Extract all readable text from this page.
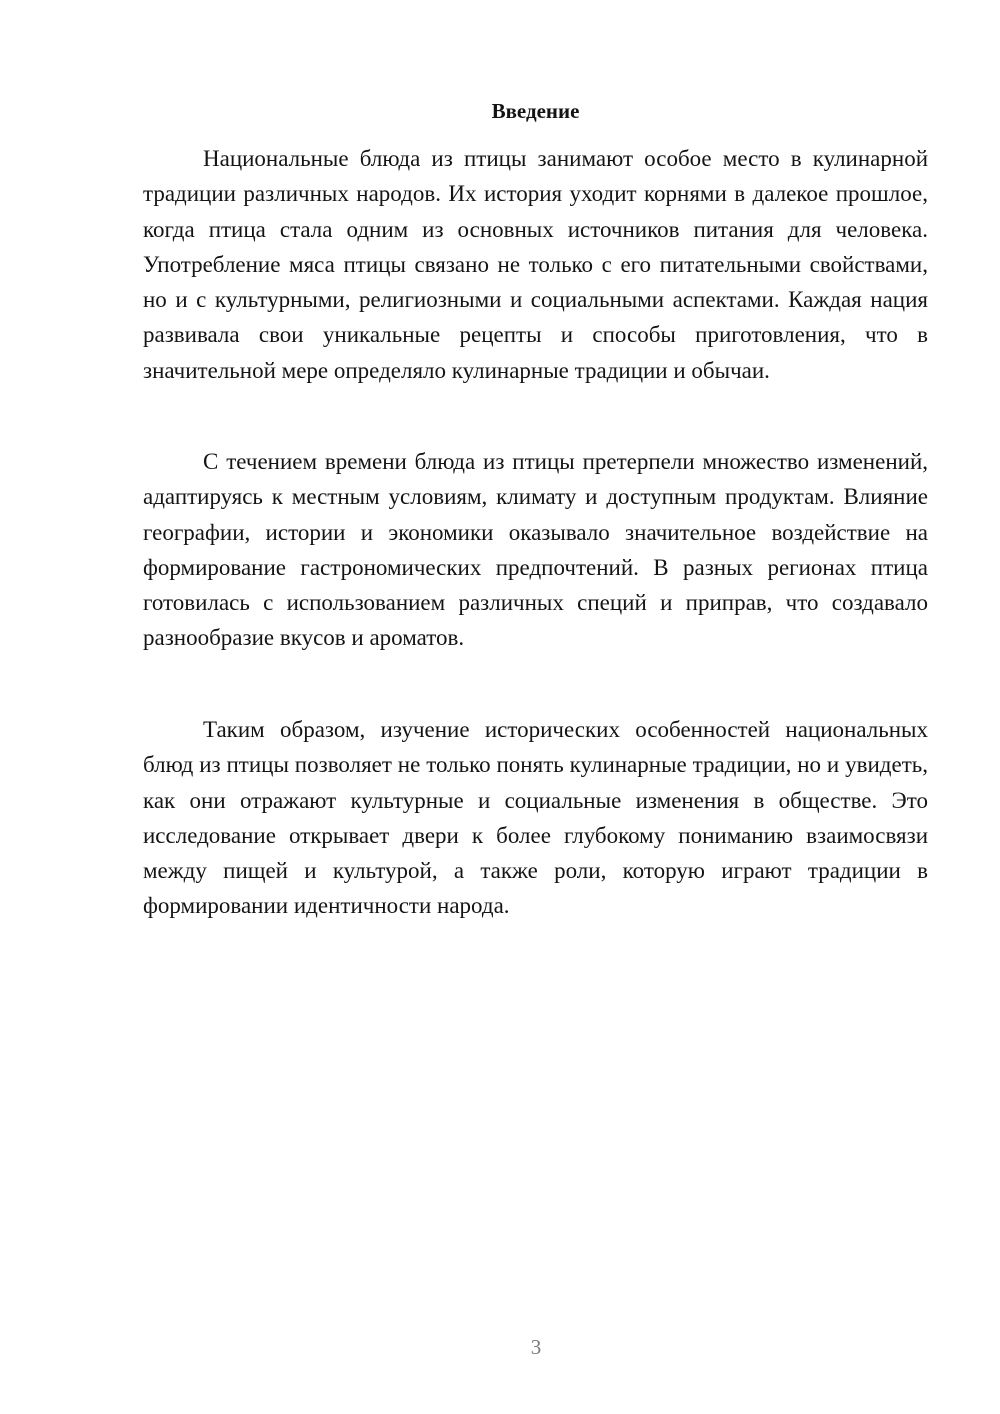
Введение

Национальные блюда из птицы занимают особое место в кулинарной традиции различных народов. Их история уходит корнями в далекое прошлое, когда птица стала одним из основных источников питания для человека. Употребление мяса птицы связано не только с его питательными свойствами, но и с культурными, религиозными и социальными аспектами. Каждая нация развивала свои уникальные рецепты и способы приготовления, что в значительной мере определяло кулинарные традиции и обычаи.

С течением времени блюда из птицы претерпели множество изменений, адаптируясь к местным условиям, климату и доступным продуктам. Влияние географии, истории и экономики оказывало значительное воздействие на формирование гастрономических предпочтений. В разных регионах птица готовилась с использованием различных специй и приправ, что создавало разнообразие вкусов и ароматов.

Таким образом, изучение исторических особенностей национальных блюд из птицы позволяет не только понять кулинарные традиции, но и увидеть, как они отражают культурные и социальные изменения в обществе. Это исследование открывает двери к более глубокому пониманию взаимосвязи между пищей и культурой, а также роли, которую играют традиции в формировании идентичности народа.

3
